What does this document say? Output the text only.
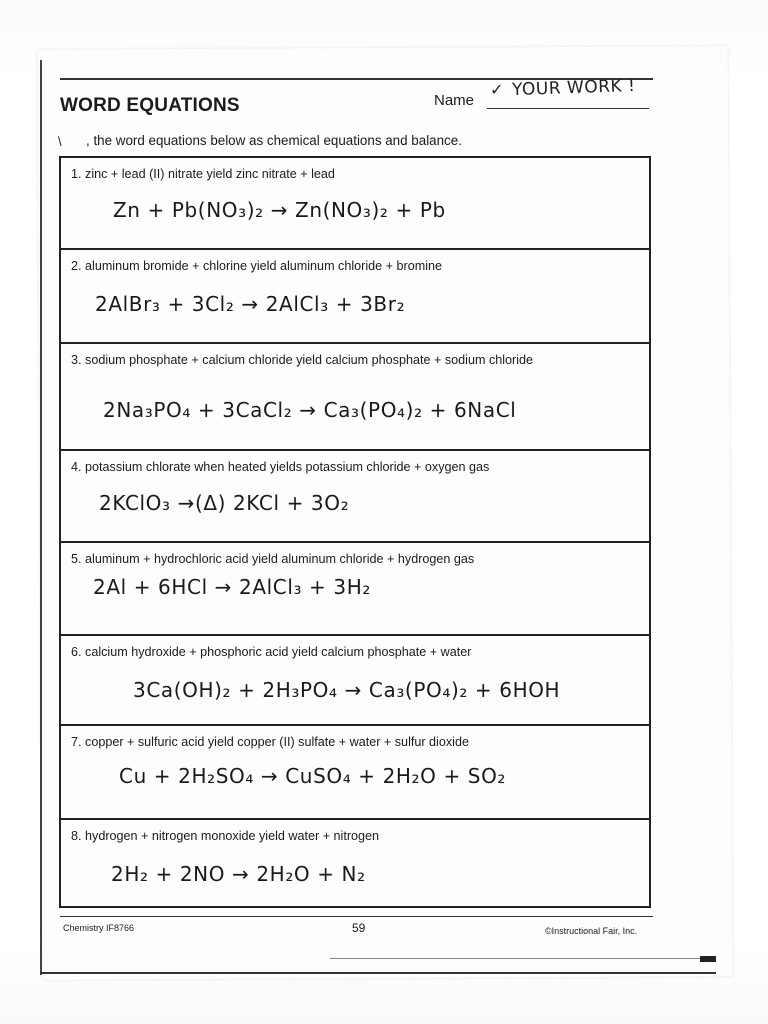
WORD EQUATIONS	Name
✓ YOUR WORK !
\ , the word equations below as chemical equations and balance.
1. zinc + lead (II) nitrate yield zinc nitrate + lead
Zn + Pb(NO₃)₂ → Zn(NO₃)₂ + Pb
2. aluminum bromide + chlorine yield aluminum chloride + bromine
2AlBr₃ + 3Cl₂ → 2AlCl₃ + 3Br₂
3. sodium phosphate + calcium chloride yield calcium phosphate + sodium chloride
2Na₃PO₄ + 3CaCl₂ → Ca₃(PO₄)₂ + 6NaCl
4. potassium chlorate when heated yields potassium chloride + oxygen gas
2KClO₃ →(Δ) 2KCl + 3O₂
5. aluminum + hydrochloric acid yield aluminum chloride + hydrogen gas
2Al + 6HCl → 2AlCl₃ + 3H₂
6. calcium hydroxide + phosphoric acid yield calcium phosphate + water
3Ca(OH)₂ + 2H₃PO₄ → Ca₃(PO₄)₂ + 6HOH
7. copper + sulfuric acid yield copper (II) sulfate + water + sulfur dioxide
Cu + 2H₂SO₄ → CuSO₄ + 2H₂O + SO₂
8. hydrogen + nitrogen monoxide yield water + nitrogen
2H₂ + 2NO → 2H₂O + N₂
Chemistry IF8766	59	©Instructional Fair, Inc.
